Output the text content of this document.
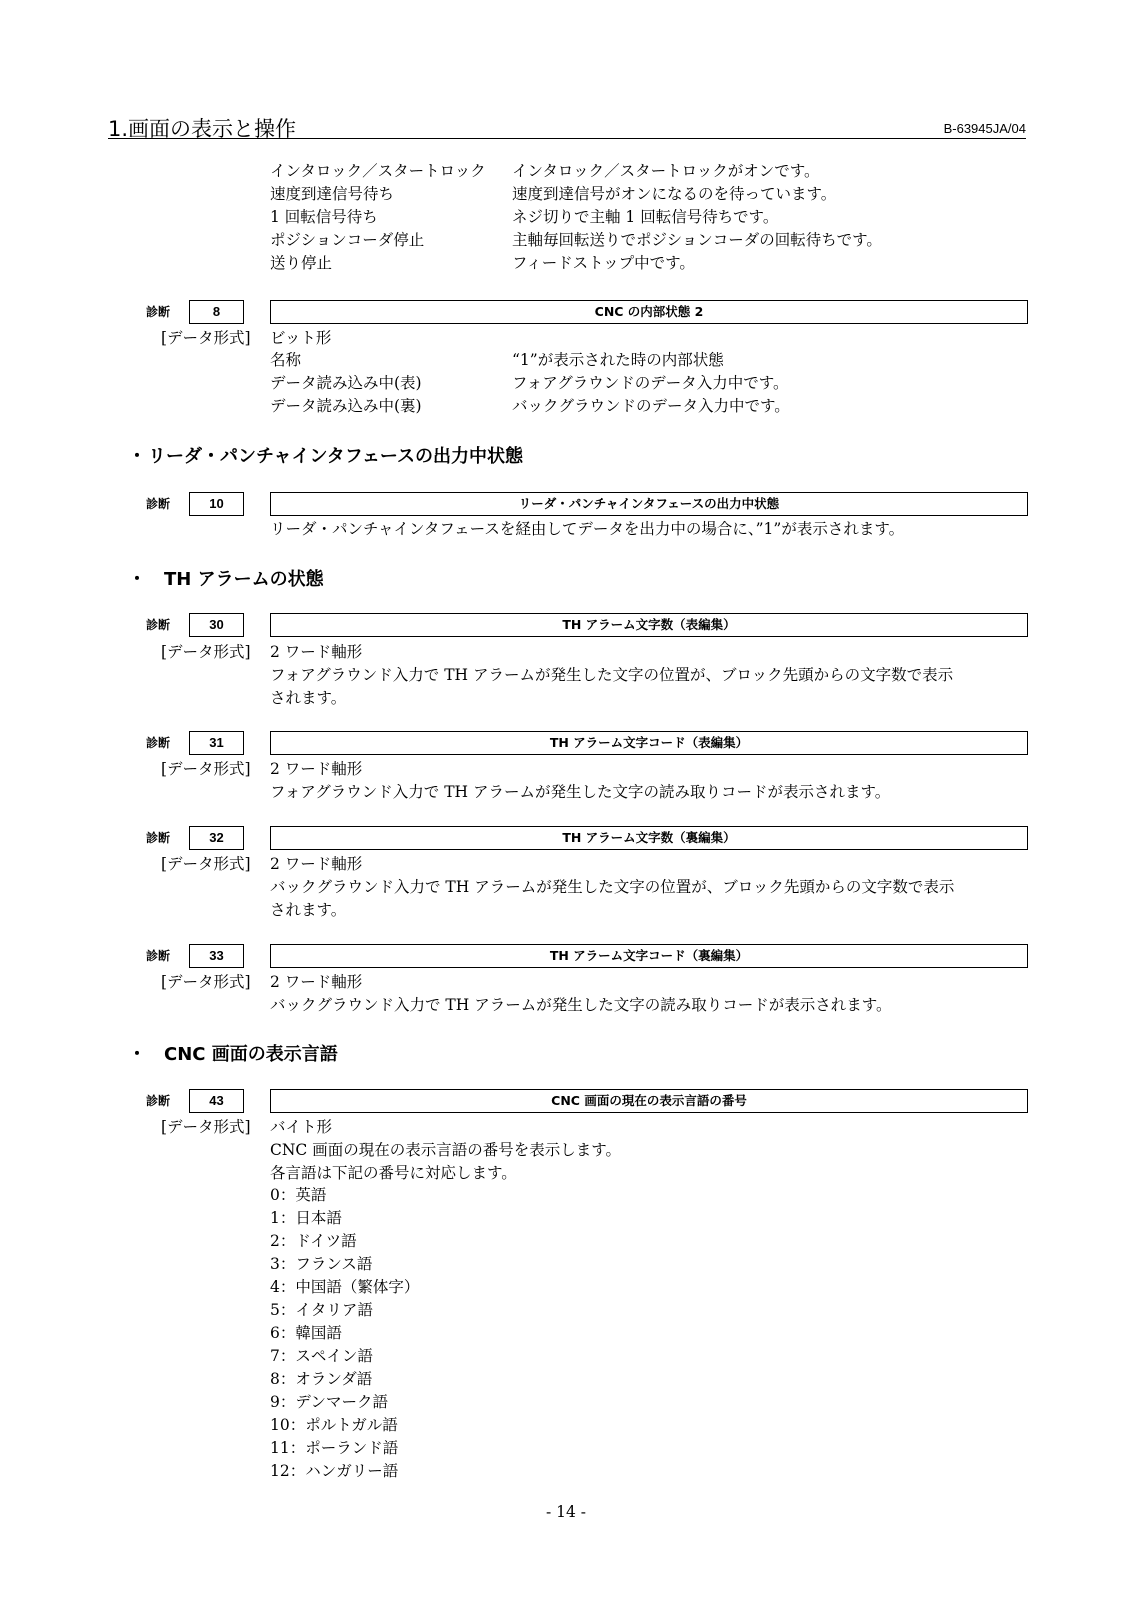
1.画面の表示と操作	B-63945JA/04
インタロック／スタートロック インタロック／スタートロックがオンです。
速度到達信号待ち	速度到達信号がオンになるのを待っています。
1 回転信号待ち	ネジ切りで主軸 1 回転信号待ちです。
ポジションコーダ停止	主軸毎回転送りでポジションコーダの回転待ちです。
送り停止	フィードストップ中です。
診断	8	CNC の内部状態 2
[データ形式] ビット形
名称	“1”が表示された時の内部状態
データ読み込み中(表)	フォアグラウンドのデータ入力中です。
データ読み込み中(裏)	バックグラウンドのデータ入力中です。
・ リーダ・パンチャインタフェースの出力中状態
診断	10	リーダ・パンチャインタフェースの出力中状態
リーダ・パンチャインタフェースを経由してデータを出力中の場合に、”1”が表示されます。
・ TH アラームの状態
診断	30	TH アラーム文字数（表編集）
[データ形式] 2 ワード軸形
フォアグラウンド入力で TH アラームが発生した文字の位置が、ブロック先頭からの文字数で表示
されます。
診断	31	TH アラーム文字コード（表編集）
[データ形式] 2 ワード軸形
フォアグラウンド入力で TH アラームが発生した文字の読み取りコードが表示されます。
診断	32	TH アラーム文字数（裏編集）
[データ形式] 2 ワード軸形
バックグラウンド入力で TH アラームが発生した文字の位置が、ブロック先頭からの文字数で表示
されます。
診断	33	TH アラーム文字コード（裏編集）
[データ形式] 2 ワード軸形
バックグラウンド入力で TH アラームが発生した文字の読み取りコードが表示されます。
・ CNC 画面の表示言語
診断	43	CNC 画面の現在の表示言語の番号
[データ形式] バイト形
CNC 画面の現在の表示言語の番号を表示します。
各言語は下記の番号に対応します。
0：英語
1：日本語
2：ドイツ語
3：フランス語
4：中国語（繁体字）
5：イタリア語
6：韓国語
7：スペイン語
8：オランダ語
9：デンマーク語
10：ポルトガル語
11：ポーランド語
12：ハンガリー語
- 14 -
